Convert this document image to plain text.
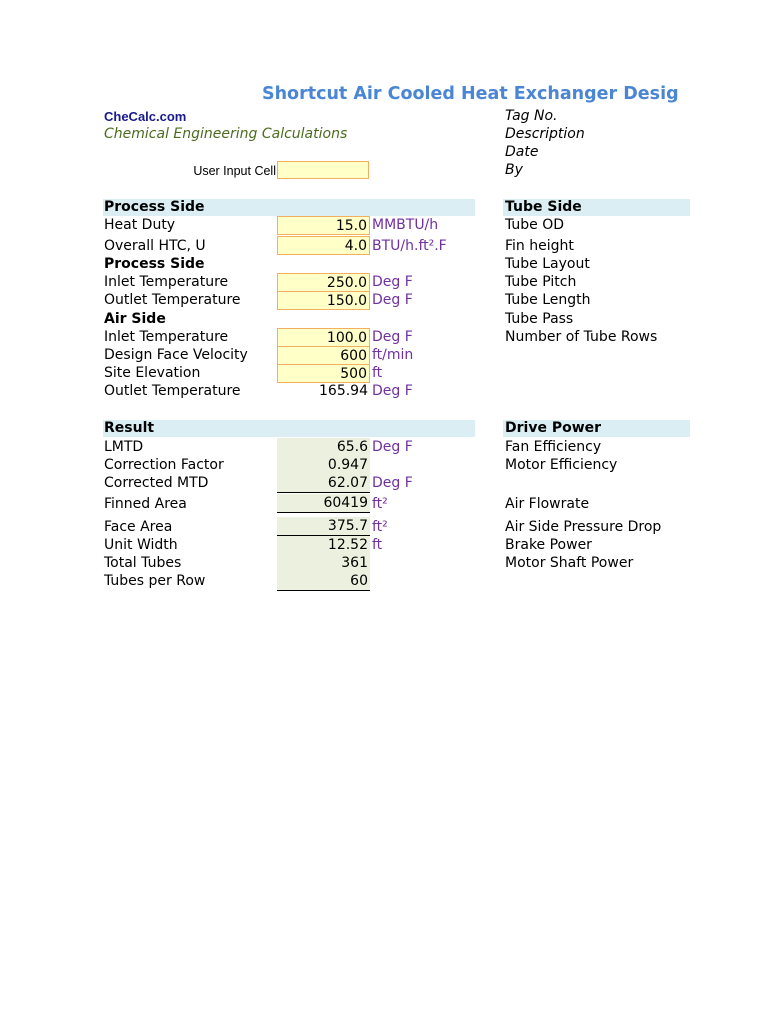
Shortcut Air Cooled Heat Exchanger Desig
CheCalc.com
Chemical Engineering Calculations
User Input Cell
Tag No.
Description
Date
By
Process Side
Heat Duty	15.0 MMBTU/h
Overall HTC, U	4.0 BTU/h.ft².F
Process Side
Inlet Temperature	250.0 Deg F
Outlet Temperature	150.0 Deg F
Air Side
Inlet Temperature	100.0 Deg F
Design Face Velocity	600 ft/min
Site Elevation	500 ft
Outlet Temperature	165.94 Deg F
Tube Side
Tube OD
Fin height
Tube Layout
Tube Pitch
Tube Length
Tube Pass
Number of Tube Rows
Result
LMTD	65.6 Deg F
Correction Factor	0.947
Corrected MTD	62.07 Deg F
Finned Area	60419 ft²
Face Area	375.7 ft²
Unit Width	12.52 ft
Total Tubes	361
Tubes per Row	60
Drive Power
Fan Efficiency
Motor Efficiency
Air Flowrate
Air Side Pressure Drop
Brake Power
Motor Shaft Power
